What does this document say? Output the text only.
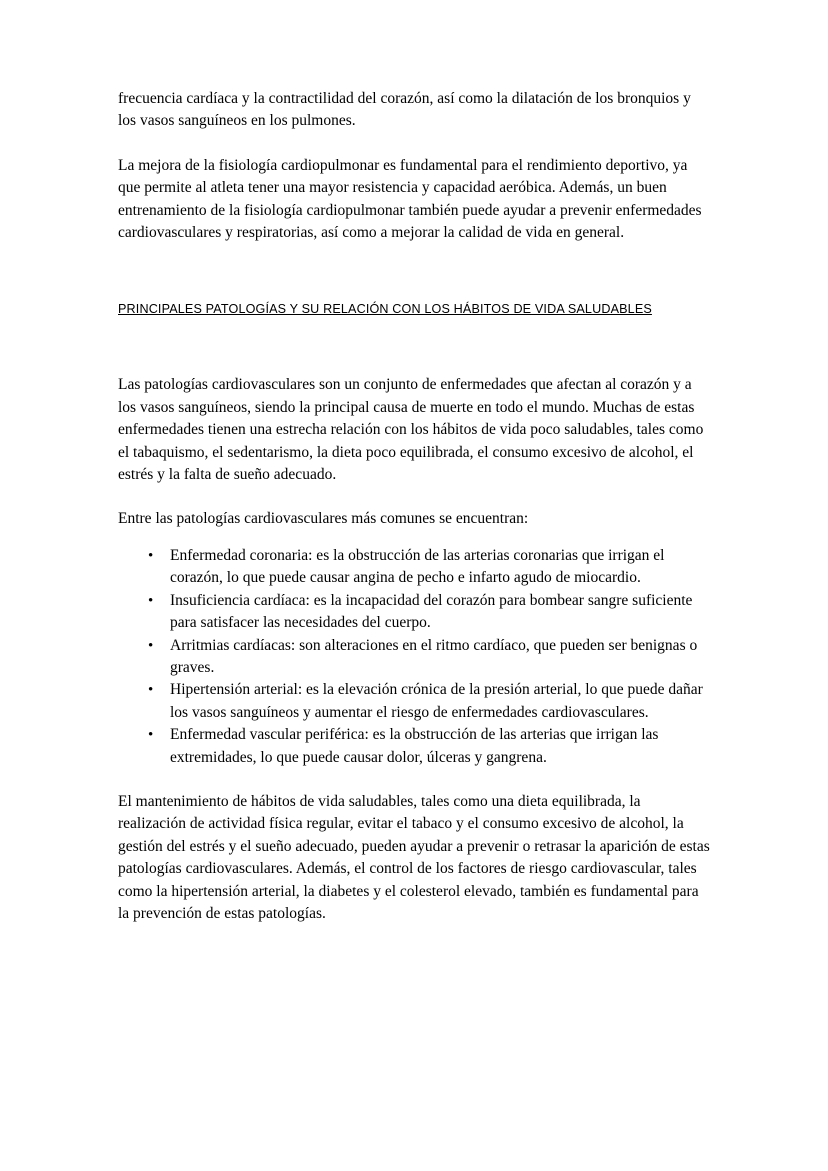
frecuencia cardíaca y la contractilidad del corazón, así como la dilatación de los bronquios y los vasos sanguíneos en los pulmones.

La mejora de la fisiología cardiopulmonar es fundamental para el rendimiento deportivo, ya que permite al atleta tener una mayor resistencia y capacidad aeróbica. Además, un buen entrenamiento de la fisiología cardiopulmonar también puede ayudar a prevenir enfermedades cardiovasculares y respiratorias, así como a mejorar la calidad de vida en general.

PRINCIPALES PATOLOGÍAS Y SU RELACIÓN CON LOS HÁBITOS DE VIDA SALUDABLES

Las patologías cardiovasculares son un conjunto de enfermedades que afectan al corazón y a los vasos sanguíneos, siendo la principal causa de muerte en todo el mundo. Muchas de estas enfermedades tienen una estrecha relación con los hábitos de vida poco saludables, tales como el tabaquismo, el sedentarismo, la dieta poco equilibrada, el consumo excesivo de alcohol, el estrés y la falta de sueño adecuado.

Entre las patologías cardiovasculares más comunes se encuentran:

• Enfermedad coronaria: es la obstrucción de las arterias coronarias que irrigan el corazón, lo que puede causar angina de pecho e infarto agudo de miocardio.
• Insuficiencia cardíaca: es la incapacidad del corazón para bombear sangre suficiente para satisfacer las necesidades del cuerpo.
• Arritmias cardíacas: son alteraciones en el ritmo cardíaco, que pueden ser benignas o graves.
• Hipertensión arterial: es la elevación crónica de la presión arterial, lo que puede dañar los vasos sanguíneos y aumentar el riesgo de enfermedades cardiovasculares.
• Enfermedad vascular periférica: es la obstrucción de las arterias que irrigan las extremidades, lo que puede causar dolor, úlceras y gangrena.

El mantenimiento de hábitos de vida saludables, tales como una dieta equilibrada, la realización de actividad física regular, evitar el tabaco y el consumo excesivo de alcohol, la gestión del estrés y el sueño adecuado, pueden ayudar a prevenir o retrasar la aparición de estas patologías cardiovasculares. Además, el control de los factores de riesgo cardiovascular, tales como la hipertensión arterial, la diabetes y el colesterol elevado, también es fundamental para la prevención de estas patologías.
